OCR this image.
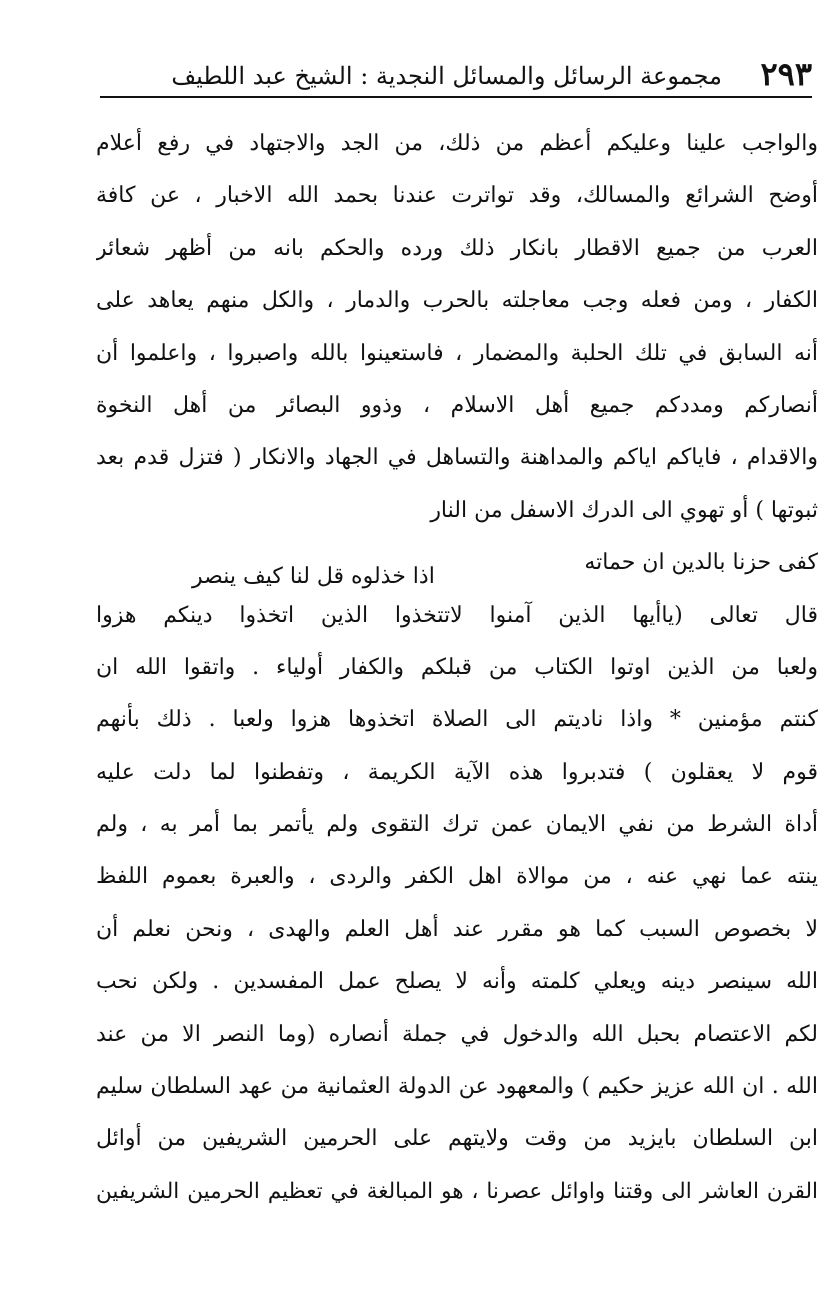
٢٩٣
مجموعة الرسائل والمسائل النجدية : الشيخ عبد اللطيف
والواجب علينا وعليكم أعظم من ذلك، من الجد والاجتهاد في رفع أعلام
أوضح الشرائع والمسالك، وقد تواترت عندنا بحمد الله الاخبار ، عن كافة
العرب من جميع الاقطار بانكار ذلك ورده والحكم بانه من أظهر شعائر
الكفار ، ومن فعله وجب معاجلته بالحرب والدمار ، والكل منهم يعاهد على
أنه السابق في تلك الحلبة والمضمار ، فاستعينوا بالله واصبروا ، واعلموا أن
أنصاركم ومددكم جميع أهل الاسلام ، وذوو البصائر من أهل النخوة
والاقدام ، فاياكم اياكم والمداهنة والتساهل في الجهاد والانكار ( فتزل قدم بعد
ثبوتها ) أو تهوي الى الدرك الاسفل من النار
كفى حزنا بالدين ان حماته
اذا خذلوه قل لنا كيف ينصر
قال تعالى (ياأيها الذين آمنوا لاتتخذوا الذين اتخذوا دينكم هزوا
ولعبا من الذين اوتوا الكتاب من قبلكم والكفار أولياء . واتقوا الله ان
كنتم مؤمنين * واذا ناديتم الى الصلاة اتخذوها هزوا ولعبا . ذلك بأنهم
قوم لا يعقلون ) فتدبروا هذه الآية الكريمة ، وتفطنوا لما دلت عليه
أداة الشرط من نفي الايمان عمن ترك التقوى ولم يأتمر بما أمر به ، ولم
ينته عما نهي عنه ، من موالاة اهل الكفر والردى ، والعبرة بعموم اللفظ
لا بخصوص السبب كما هو مقرر عند أهل العلم والهدى ، ونحن نعلم أن
الله سينصر دينه ويعلي كلمته وأنه لا يصلح عمل المفسدين . ولكن نحب
لكم الاعتصام بحبل الله والدخول في جملة أنصاره (وما النصر الا من عند
الله . ان الله عزيز حكيم ) والمعهود عن الدولة العثمانية من عهد السلطان سليم
ابن السلطان بايزيد من وقت ولايتهم على الحرمين الشريفين من أوائل
القرن العاشر الى وقتنا واوائل عصرنا ، هو المبالغة في تعظيم الحرمين الشريفين
